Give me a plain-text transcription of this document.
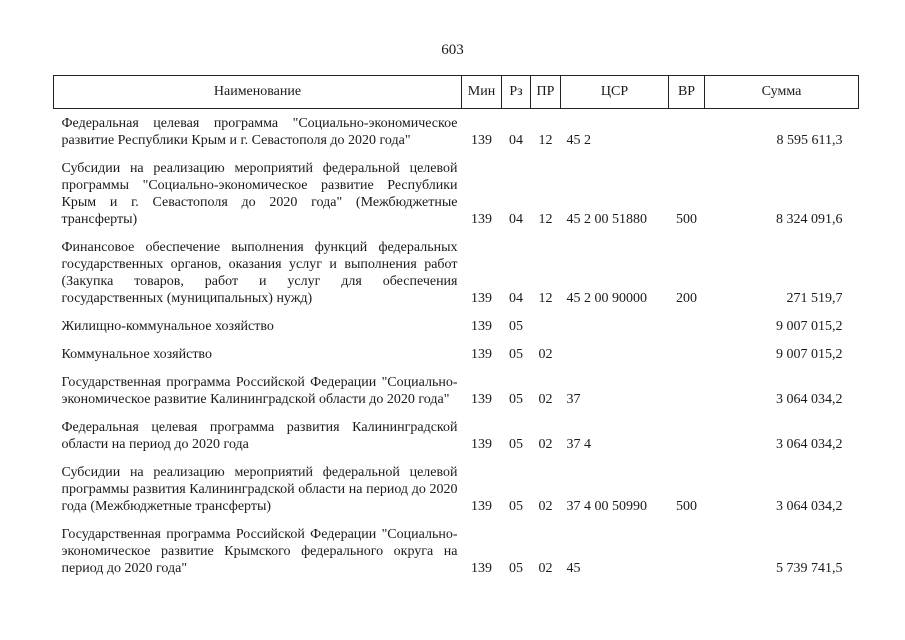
603
Наименование	Мин	Рз	ПР	ЦСР	ВР	Сумма
Федеральная целевая программа "Социально-экономическое развитие Республики Крым и г. Севастополя до 2020 года"	139	04	12	45 2		8 595 611,3
Субсидии на реализацию мероприятий федеральной целевой программы "Социально-экономическое развитие Республики Крым и г. Севастополя до 2020 года" (Межбюджетные трансферты)	139	04	12	45 2 00 51880	500	8 324 091,6
Финансовое обеспечение выполнения функций федеральных государственных органов, оказания услуг и выполнения работ (Закупка товаров, работ и услуг для обеспечения государственных (муниципальных) нужд)	139	04	12	45 2 00 90000	200	271 519,7
Жилищно-коммунальное хозяйство	139	05				9 007 015,2
Коммунальное хозяйство	139	05	02			9 007 015,2
Государственная программа Российской Федерации "Социально-экономическое развитие Калининградской области до 2020 года"	139	05	02	37		3 064 034,2
Федеральная целевая программа развития Калининградской области на период до 2020 года	139	05	02	37 4		3 064 034,2
Субсидии на реализацию мероприятий федеральной целевой программы развития Калининградской области на период до 2020 года (Межбюджетные трансферты)	139	05	02	37 4 00 50990	500	3 064 034,2
Государственная программа Российской Федерации "Социально-экономическое развитие Крымского федерального округа на период до 2020 года"	139	05	02	45		5 739 741,5
